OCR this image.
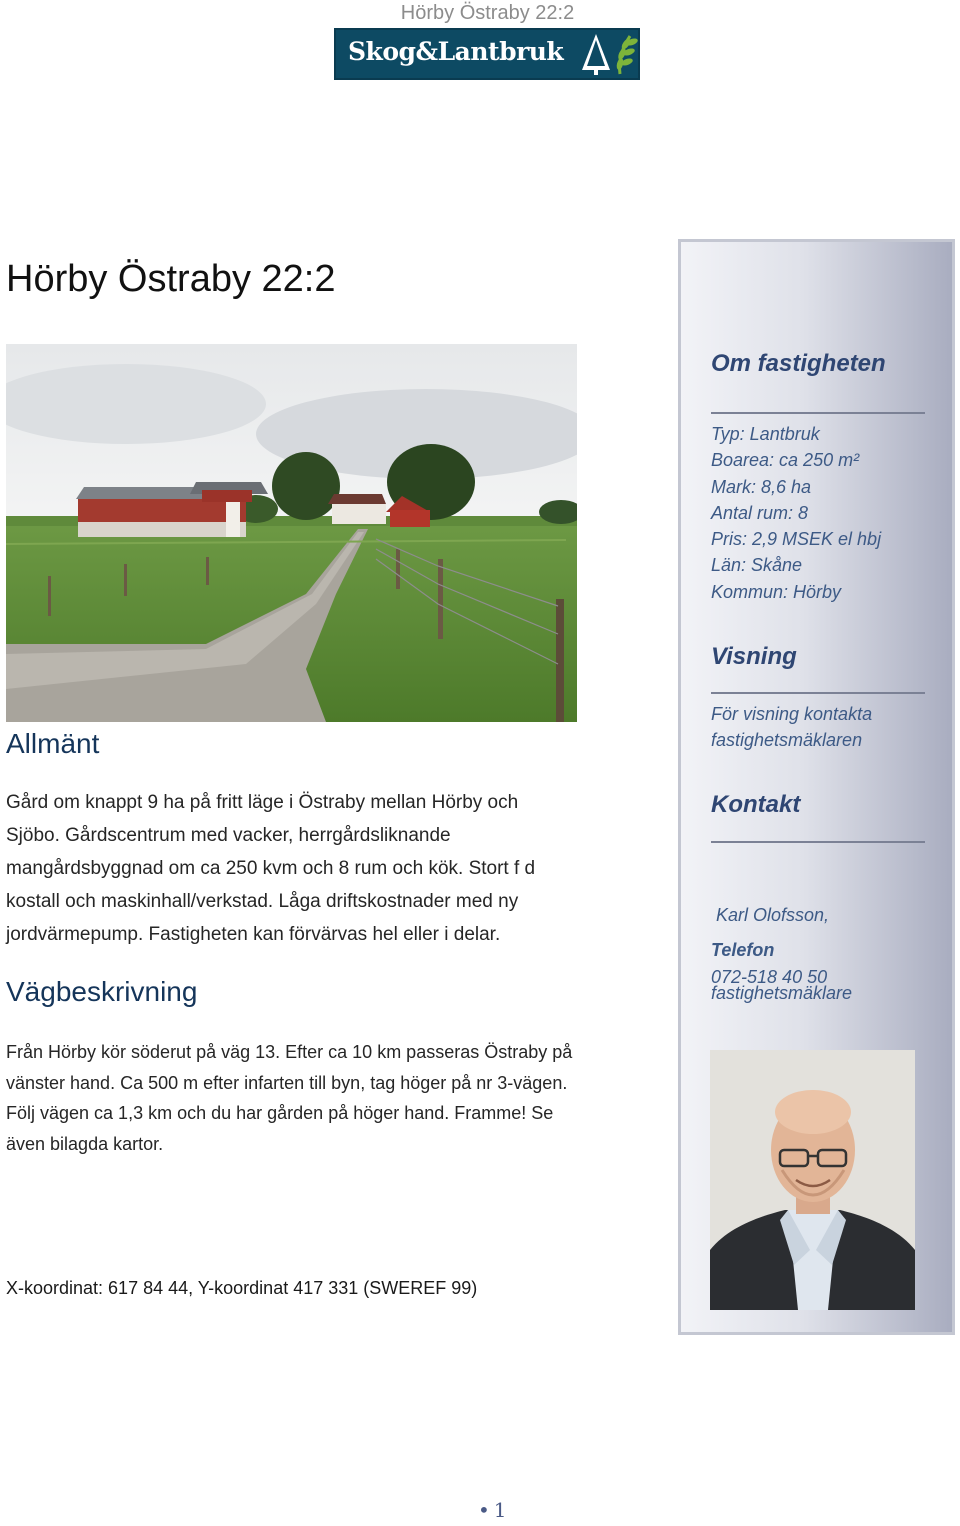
Hörby Östraby 22:2
Skog&Lantbruk
Hörby Östraby 22:2
Allmänt
Gård om knappt 9 ha på fritt läge i Östraby mellan Hörby och
Sjöbo. Gårdscentrum med vacker, herrgårdsliknande
mangårdsbyggnad om ca 250 kvm och 8 rum och kök. Stort f d
kostall och maskinhall/verkstad. Låga driftskostnader med ny
jordvärmepump. Fastigheten kan förvärvas hel eller i delar.
Vägbeskrivning
Från Hörby kör söderut på väg 13. Efter ca 10 km passeras Östraby på
vänster hand. Ca 500 m efter infarten till byn, tag höger på nr 3-vägen.
Följ vägen ca 1,3 km och du har gården på höger hand. Framme! Se
även bilagda kartor.
X-koordinat: 617 84 44, Y-koordinat 417 331 (SWEREF 99)
• 1
Om fastigheten
Typ: Lantbruk
Boarea: ca 250 m²
Mark: 8,6 ha
Antal rum: 8
Pris: 2,9 MSEK el hbj
Län: Skåne
Kommun: Hörby
Visning
För visning kontakta
fastighetsmäklaren
Kontakt

Karl Olofsson,

fastighetsmäklare

Telefon
072-518 40 50
